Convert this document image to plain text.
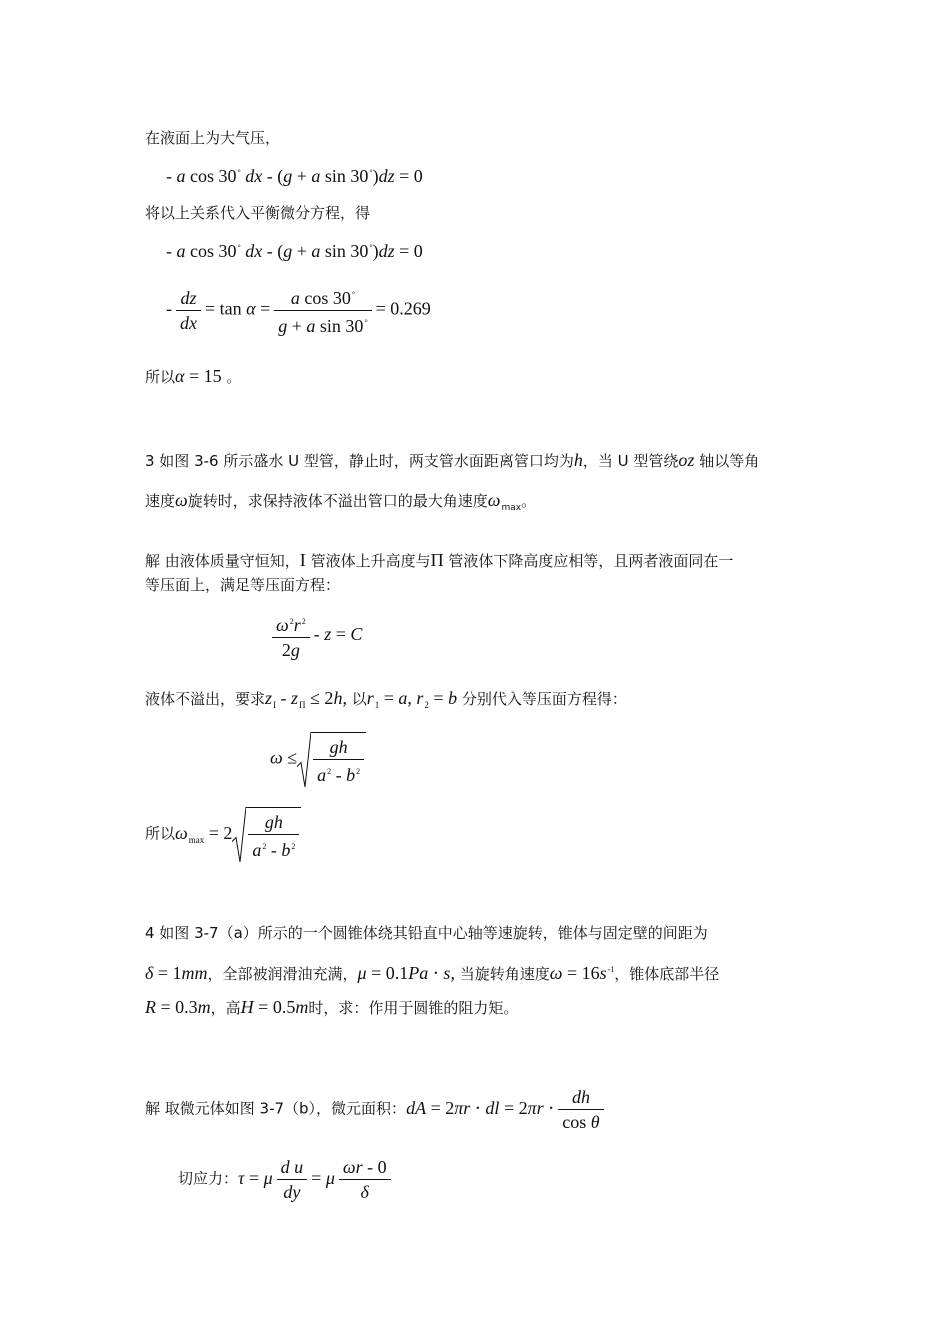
在液面上为大气压，
- a cos 30° dx - (g + a sin 30°)dz = 0
将以上关系代入平衡微分方程，得
- a cos 30° dx - (g + a sin 30°)dz = 0
- $\frac{dz}{dx} = \tan \alpha = \frac{a \cos 30^\circ}{g + a \sin 30^\circ} = 0.269$
所以α = 15 。
3 如图 3-6 所示盛水 U 型管，静止时，两支管水面距离管口均为h，当 U 型管绕oz 轴以等角
速度ω旋转时，求保持液体不溢出管口的最大角速度$\omega_{max}$。
解 由液体质量守恒知，I 管液体上升高度与Π 管液体下降高度应相等，且两者液面同在一
等压面上，满足等压面方程：
$\frac{\omega^2r^2}{2g} - z = C$
液体不溢出，要求$z_I - z_\Pi \le 2h$, 以$r_1 = a$, $r_2 = b$ 分别代入等压面方程得：
$\omega \le \frac{gh}{a^2 - b^2}$
所以$\omega_{max} = 2 \frac{gh}{a^2 - b^2}$
4 如图 3-7（a）所示的一个圆锥体绕其铅直中心轴等速旋转，锥体与固定壁的间距为
δ = 1mm，全部被润滑油充满，μ = 0.1Pa ⋅ s, 当旋转角速度$\omega = 16s^{-1}$，锥体底部半径
R = 0.3m，高H = 0.5m时，求：作用于圆锥的阻力矩。
解 取微元体如图 3-7（b），微元面积：dA = 2πr ⋅ dl = $2\pi r \cdot \frac{dh}{\text{cos θ}}$
切应力：τ = μ $\frac{\text{d u}}{dy} = \mu \frac{\omega r - 0}{\delta}$
